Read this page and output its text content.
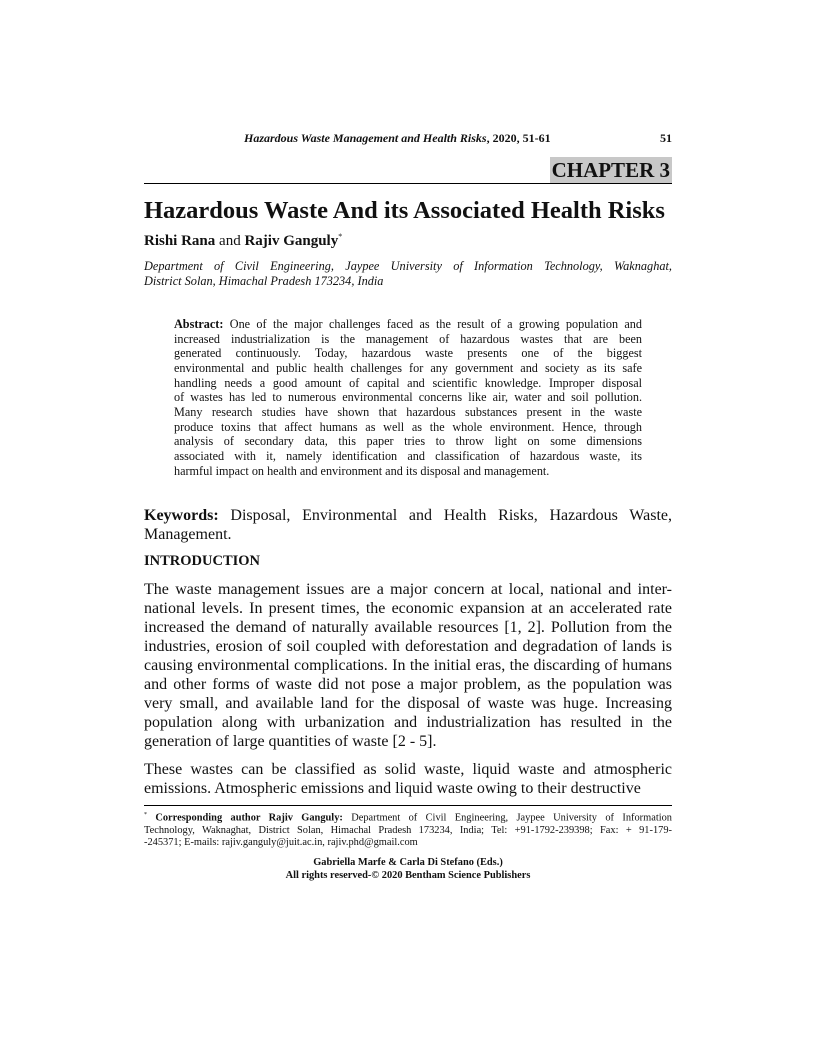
Hazardous Waste Management and Health Risks, 2020, 51-61	51
CHAPTER 3
Hazardous Waste And its Associated Health Risks
Rishi Rana and Rajiv Ganguly*
Department of Civil Engineering, Jaypee University of Information Technology, Waknaghat,
District Solan, Himachal Pradesh 173234, India
Abstract: One of the major challenges faced as the result of a growing population and
increased industrialization is the management of hazardous wastes that are been
generated continuously. Today, hazardous waste presents one of the biggest
environmental and public health challenges for any government and society as its safe
handling needs a good amount of capital and scientific knowledge. Improper disposal
of wastes has led to numerous environmental concerns like air, water and soil pollution.
Many research studies have shown that hazardous substances present in the waste
produce toxins that affect humans as well as the whole environment. Hence, through
analysis of secondary data, this paper tries to throw light on some dimensions
associated with it, namely identification and classification of hazardous waste, its
harmful impact on health and environment and its disposal and management.
Keywords: Disposal, Environmental and Health Risks, Hazardous Waste,
Management.
INTRODUCTION
The waste management issues are a major concern at local, national and inter-
national levels. In present times, the economic expansion at an accelerated rate
increased the demand of naturally available resources [1, 2]. Pollution from the
industries, erosion of soil coupled with deforestation and degradation of lands is
causing environmental complications. In the initial eras, the discarding of humans
and other forms of waste did not pose a major problem, as the population was
very small, and available land for the disposal of waste was huge. Increasing
population along with urbanization and industrialization has resulted in the
generation of large quantities of waste [2 - 5].
These wastes can be classified as solid waste, liquid waste and atmospheric
emissions. Atmospheric emissions and liquid waste owing to their destructive
* Corresponding author Rajiv Ganguly: Department of Civil Engineering, Jaypee University of Information
Technology, Waknaghat, District Solan, Himachal Pradesh 173234, India; Tel: +91-1792-239398; Fax: + 91-179-
-245371; E-mails: rajiv.ganguly@juit.ac.in, rajiv.phd@gmail.com
Gabriella Marfe & Carla Di Stefano (Eds.)
All rights reserved-© 2020 Bentham Science Publishers
